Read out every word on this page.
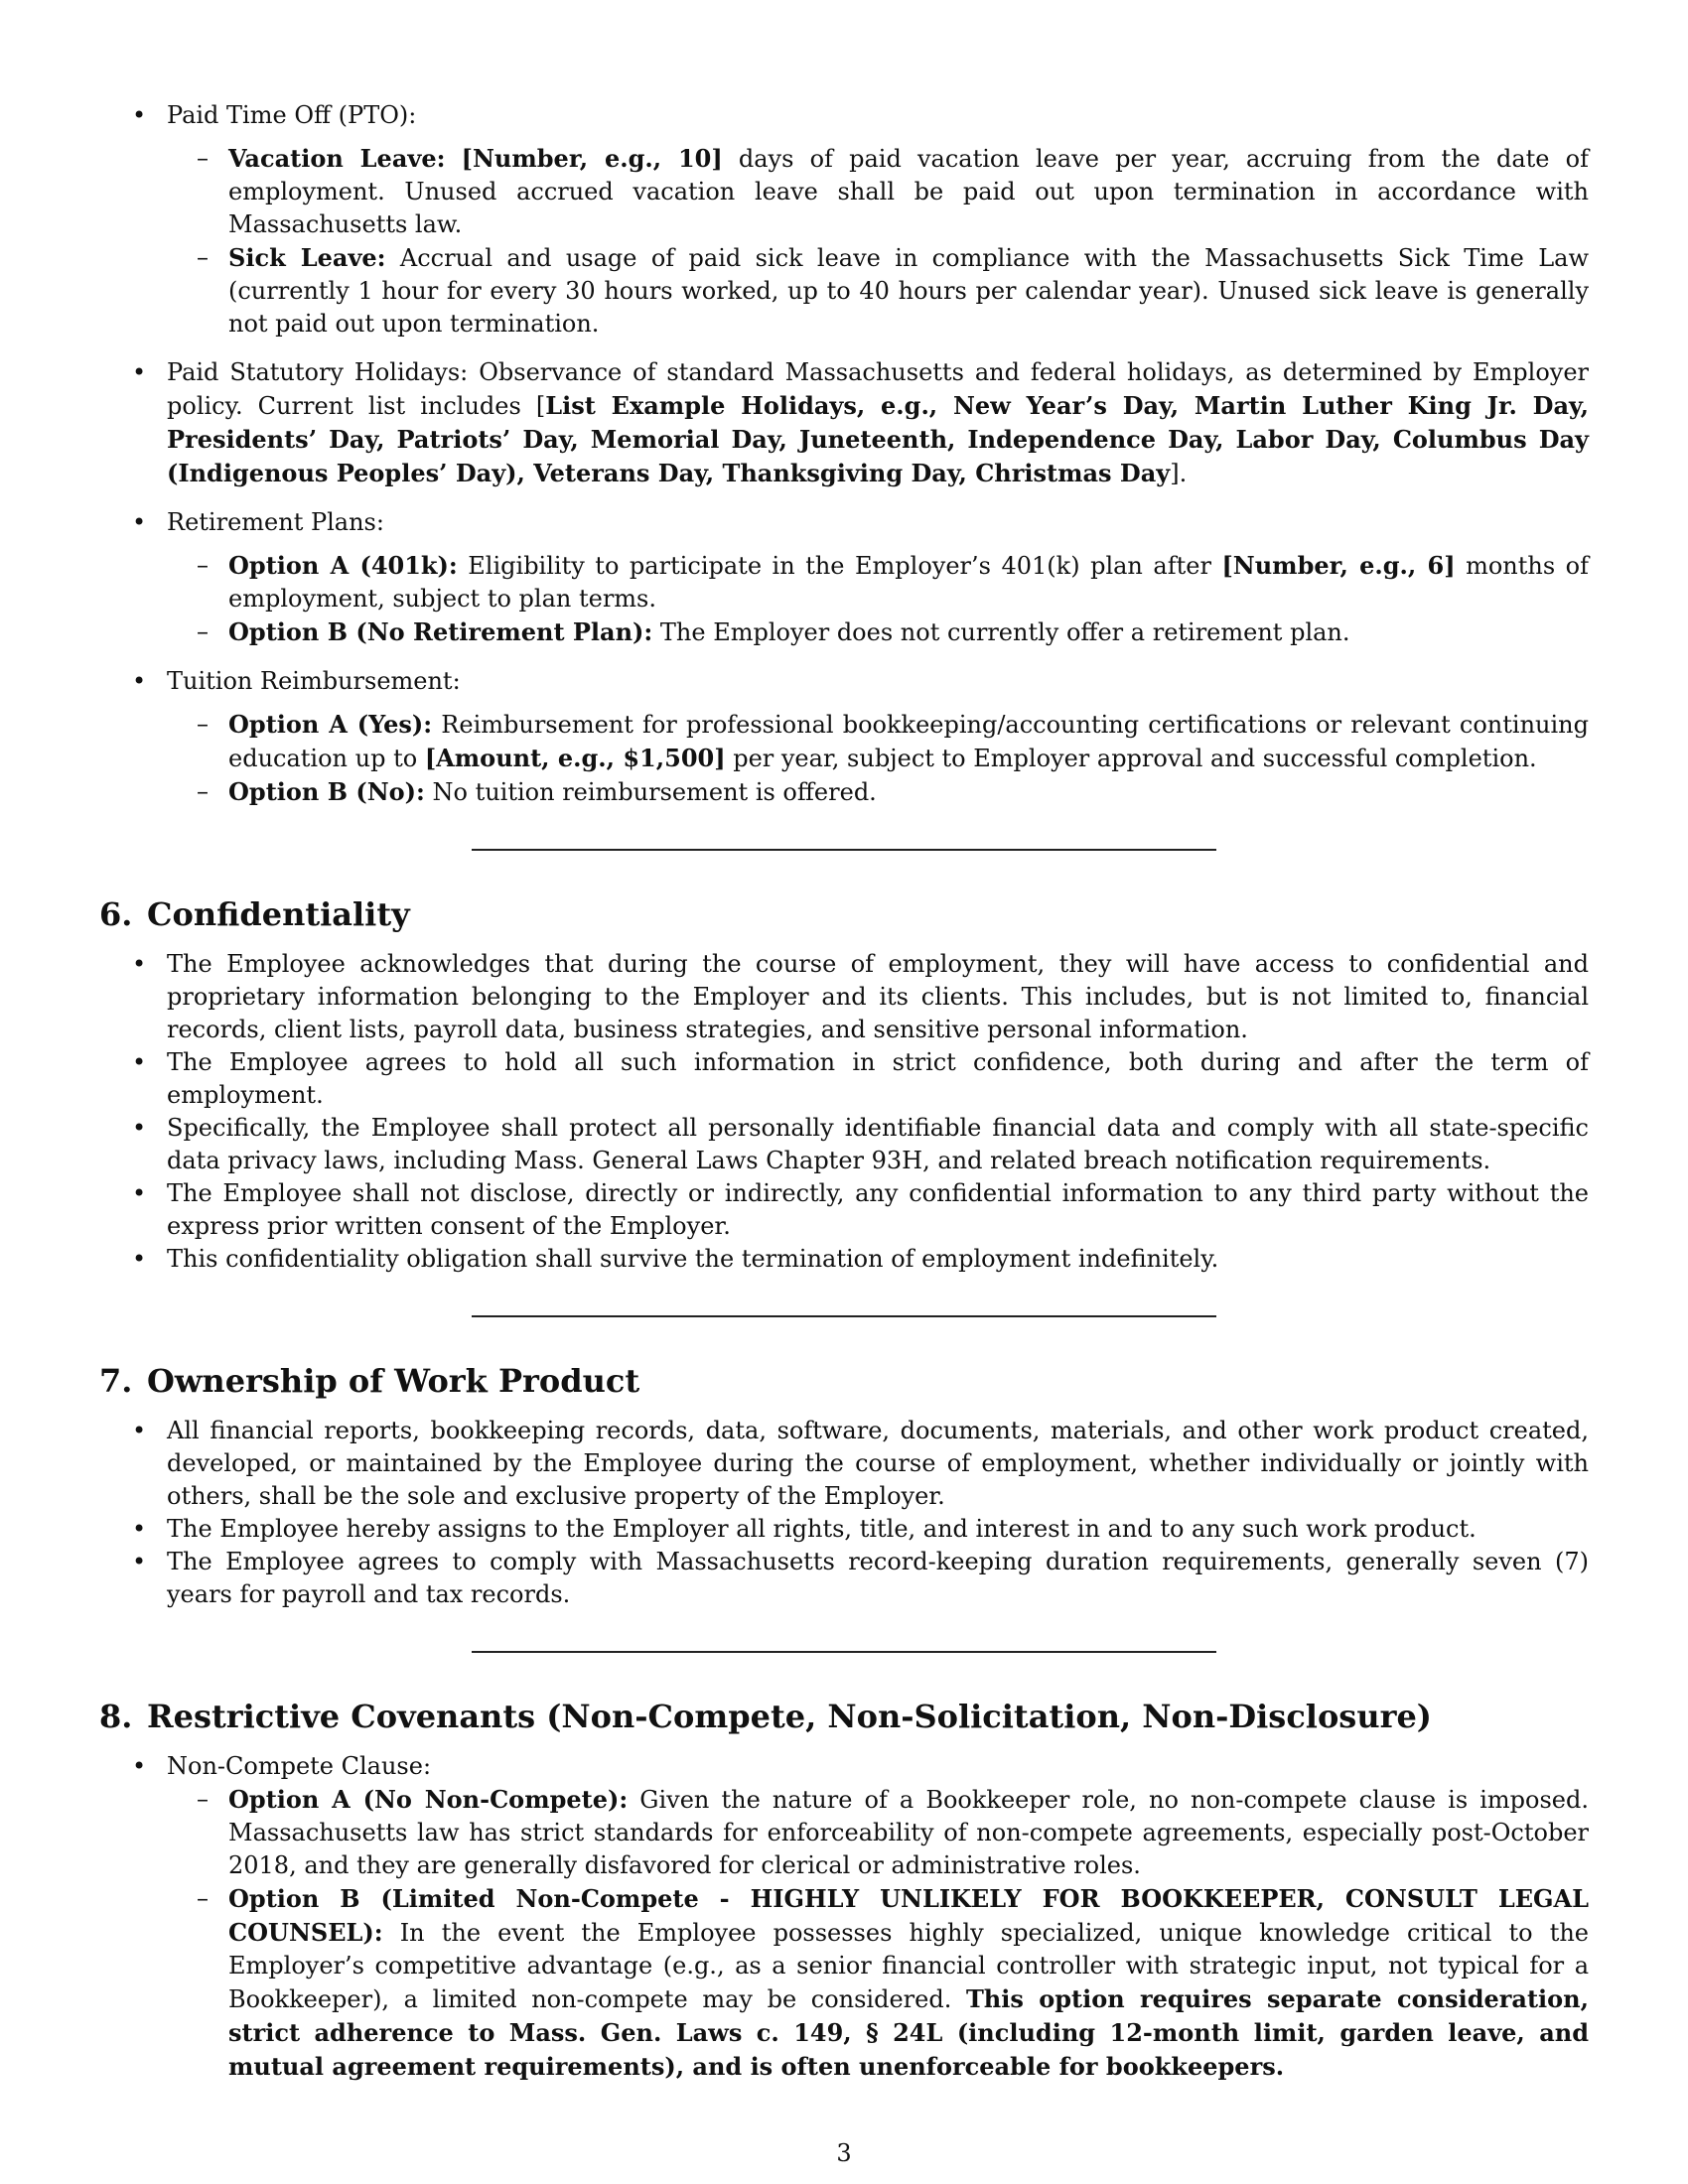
• Paid Time Off (PTO):
– Vacation Leave: [Number, e.g., 10] days of paid vacation leave per year, accruing from the date of employment. Unused accrued vacation leave shall be paid out upon termination in accordance with Massachusetts law.
– Sick Leave: Accrual and usage of paid sick leave in compliance with the Massachusetts Sick Time Law (currently 1 hour for every 30 hours worked, up to 40 hours per calendar year). Unused sick leave is generally not paid out upon termination.
• Paid Statutory Holidays: Observance of standard Massachusetts and federal holidays, as determined by Employer policy. Current list includes [List Example Holidays, e.g., New Year’s Day, Martin Luther King Jr. Day, Presidents’ Day, Patriots’ Day, Memorial Day, Juneteenth, Independence Day, Labor Day, Columbus Day (Indigenous Peoples’ Day), Veterans Day, Thanksgiving Day, Christmas Day].
• Retirement Plans:
– Option A (401k): Eligibility to participate in the Employer’s 401(k) plan after [Number, e.g., 6] months of employment, subject to plan terms.
– Option B (No Retirement Plan): The Employer does not currently offer a retirement plan.
• Tuition Reimbursement:
– Option A (Yes): Reimbursement for professional bookkeeping/accounting certifications or relevant continuing education up to [Amount, e.g., $1,500] per year, subject to Employer approval and successful completion.
– Option B (No): No tuition reimbursement is offered.
6. Confidentiality
• The Employee acknowledges that during the course of employment, they will have access to confidential and proprietary information belonging to the Employer and its clients. This includes, but is not limited to, financial records, client lists, payroll data, business strategies, and sensitive personal information.
• The Employee agrees to hold all such information in strict confidence, both during and after the term of employment.
• Specifically, the Employee shall protect all personally identifiable financial data and comply with all state-specific data privacy laws, including Mass. General Laws Chapter 93H, and related breach notification requirements.
• The Employee shall not disclose, directly or indirectly, any confidential information to any third party without the express prior written consent of the Employer.
• This confidentiality obligation shall survive the termination of employment indefinitely.
7. Ownership of Work Product
• All financial reports, bookkeeping records, data, software, documents, materials, and other work product created, developed, or maintained by the Employee during the course of employment, whether individually or jointly with others, shall be the sole and exclusive property of the Employer.
• The Employee hereby assigns to the Employer all rights, title, and interest in and to any such work product.
• The Employee agrees to comply with Massachusetts record-keeping duration requirements, generally seven (7) years for payroll and tax records.
8. Restrictive Covenants (Non-Compete, Non-Solicitation, Non-Disclosure)
• Non-Compete Clause:
– Option A (No Non-Compete): Given the nature of a Bookkeeper role, no non-compete clause is imposed. Massachusetts law has strict standards for enforceability of non-compete agreements, especially post-October 2018, and they are generally disfavored for clerical or administrative roles.
– Option B (Limited Non-Compete - HIGHLY UNLIKELY FOR BOOKKEEPER, CONSULT LEGAL COUNSEL): In the event the Employee possesses highly specialized, unique knowledge critical to the Employer’s competitive advantage (e.g., as a senior financial controller with strategic input, not typical for a Bookkeeper), a limited non-compete may be considered. This option requires separate consideration, strict adherence to Mass. Gen. Laws c. 149, § 24L (including 12-month limit, garden leave, and mutual agreement requirements), and is often unenforceable for bookkeepers.
3
